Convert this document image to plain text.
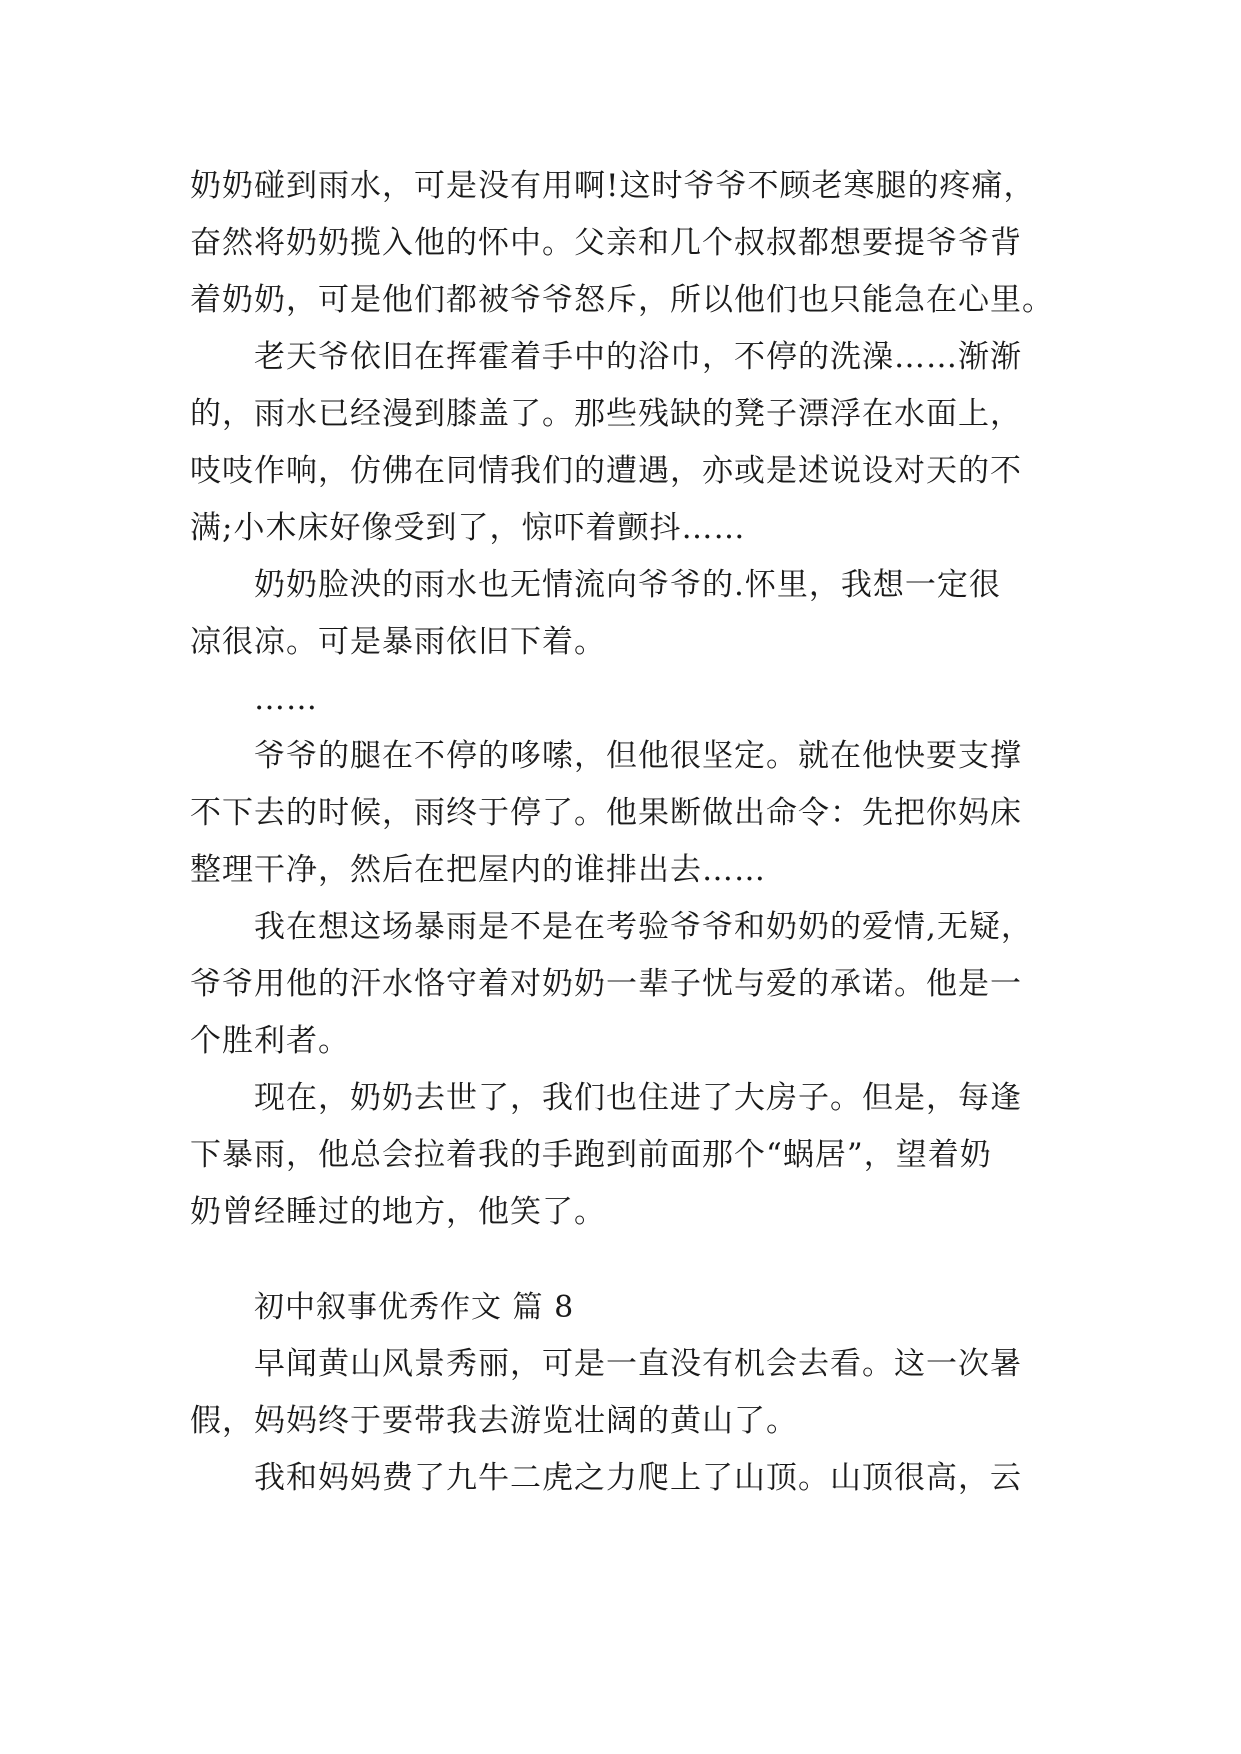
奶奶碰到雨水，可是没有用啊!这时爷爷不顾老寒腿的疼痛，
奋然将奶奶揽入他的怀中。父亲和几个叔叔都想要提爷爷背
着奶奶，可是他们都被爷爷怒斥，所以他们也只能急在心里。
老天爷依旧在挥霍着手中的浴巾，不停的洗澡……渐渐
的，雨水已经漫到膝盖了。那些残缺的凳子漂浮在水面上，
吱吱作响，仿佛在同情我们的遭遇，亦或是述说设对天的不
满;小木床好像受到了，惊吓着颤抖……
奶奶脸泱的雨水也无情流向爷爷的.怀里，我想一定很
凉很凉。可是暴雨依旧下着。
……
爷爷的腿在不停的哆嗦，但他很坚定。就在他快要支撑
不下去的时候，雨终于停了。他果断做出命令：先把你妈床
整理干净，然后在把屋内的谁排出去……
我在想这场暴雨是不是在考验爷爷和奶奶的爱情,无疑，
爷爷用他的汗水恪守着对奶奶一辈子忧与爱的承诺。他是一
个胜利者。
现在，奶奶去世了，我们也住进了大房子。但是，每逢
下暴雨，他总会拉着我的手跑到前面那个“蜗居”，望着奶
奶曾经睡过的地方，他笑了。
初中叙事优秀作文 篇 8
早闻黄山风景秀丽，可是一直没有机会去看。这一次暑
假，妈妈终于要带我去游览壮阔的黄山了。
我和妈妈费了九牛二虎之力爬上了山顶。山顶很高，云
